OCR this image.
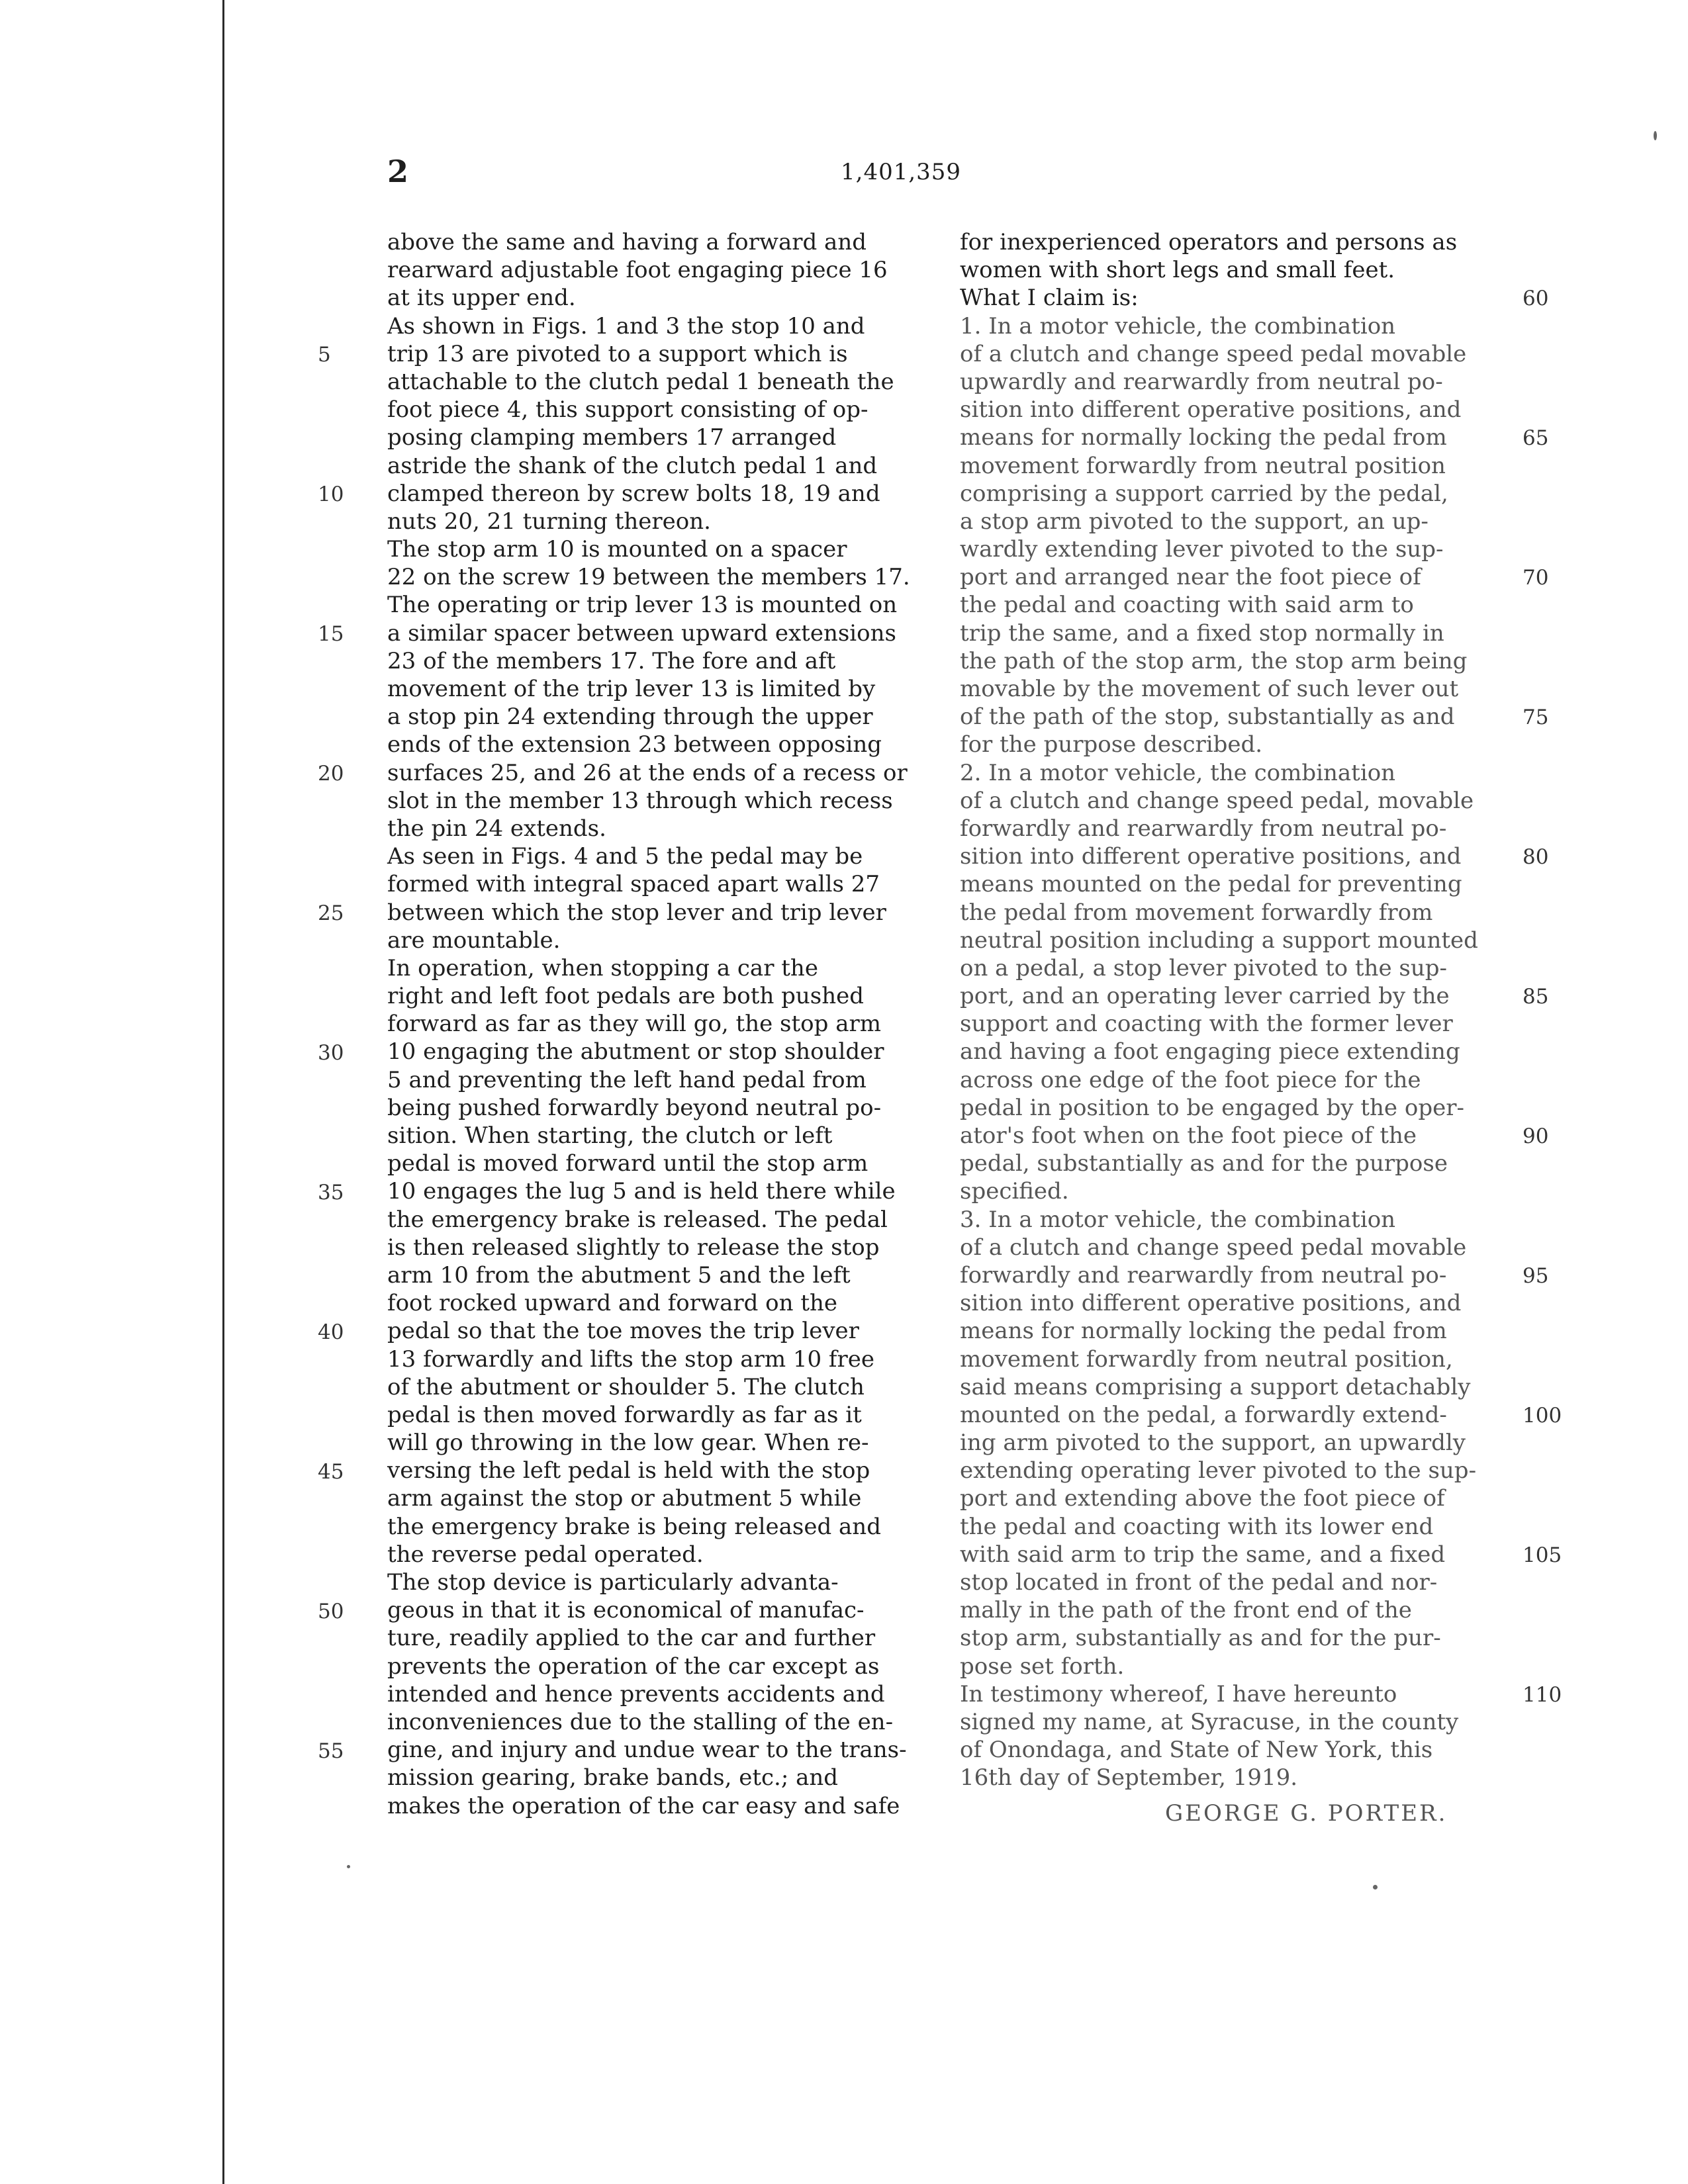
2	1,401,359
above the same and having a forward and
rearward adjustable foot engaging piece 16
at its upper end.
As shown in Figs. 1 and 3 the stop 10 and
trip 13 are pivoted to a support which is
attachable to the clutch pedal 1 beneath the
foot piece 4, this support consisting of op-
posing clamping members 17 arranged
astride the shank of the clutch pedal 1 and
clamped thereon by screw bolts 18, 19 and
nuts 20, 21 turning thereon.
The stop arm 10 is mounted on a spacer
22 on the screw 19 between the members 17.
The operating or trip lever 13 is mounted on
a similar spacer between upward extensions
23 of the members 17. The fore and aft
movement of the trip lever 13 is limited by
a stop pin 24 extending through the upper
ends of the extension 23 between opposing
surfaces 25, and 26 at the ends of a recess or
slot in the member 13 through which recess
the pin 24 extends.
As seen in Figs. 4 and 5 the pedal may be
formed with integral spaced apart walls 27
between which the stop lever and trip lever
are mountable.
In operation, when stopping a car the
right and left foot pedals are both pushed
forward as far as they will go, the stop arm
10 engaging the abutment or stop shoulder
5 and preventing the left hand pedal from
being pushed forwardly beyond neutral po-
sition. When starting, the clutch or left
pedal is moved forward until the stop arm
10 engages the lug 5 and is held there while
the emergency brake is released. The pedal
is then released slightly to release the stop
arm 10 from the abutment 5 and the left
foot rocked upward and forward on the
pedal so that the toe moves the trip lever
13 forwardly and lifts the stop arm 10 free
of the abutment or shoulder 5. The clutch
pedal is then moved forwardly as far as it
will go throwing in the low gear. When re-
versing the left pedal is held with the stop
arm against the stop or abutment 5 while
the emergency brake is being released and
the reverse pedal operated.
The stop device is particularly advanta-
geous in that it is economical of manufac-
ture, readily applied to the car and further
prevents the operation of the car except as
intended and hence prevents accidents and
inconveniences due to the stalling of the en-
gine, and injury and undue wear to the trans-
mission gearing, brake bands, etc.; and
makes the operation of the car easy and safe
for inexperienced operators and persons as
women with short legs and small feet.
What I claim is:
1. In a motor vehicle, the combination
of a clutch and change speed pedal movable
upwardly and rearwardly from neutral po-
sition into different operative positions, and
means for normally locking the pedal from
movement forwardly from neutral position
comprising a support carried by the pedal,
a stop arm pivoted to the support, an up-
wardly extending lever pivoted to the sup-
port and arranged near the foot piece of
the pedal and coacting with said arm to
trip the same, and a fixed stop normally in
the path of the stop arm, the stop arm being
movable by the movement of such lever out
of the path of the stop, substantially as and
for the purpose described.
2. In a motor vehicle, the combination
of a clutch and change speed pedal, movable
forwardly and rearwardly from neutral po-
sition into different operative positions, and
means mounted on the pedal for preventing
the pedal from movement forwardly from
neutral position including a support mounted
on a pedal, a stop lever pivoted to the sup-
port, and an operating lever carried by the
support and coacting with the former lever
and having a foot engaging piece extending
across one edge of the foot piece for the
pedal in position to be engaged by the oper-
ator's foot when on the foot piece of the
pedal, substantially as and for the purpose
specified.
3. In a motor vehicle, the combination
of a clutch and change speed pedal movable
forwardly and rearwardly from neutral po-
sition into different operative positions, and
means for normally locking the pedal from
movement forwardly from neutral position,
said means comprising a support detachably
mounted on the pedal, a forwardly extend-
ing arm pivoted to the support, an upwardly
extending operating lever pivoted to the sup-
port and extending above the foot piece of
the pedal and coacting with its lower end
with said arm to trip the same, and a fixed
stop located in front of the pedal and nor-
mally in the path of the front end of the
stop arm, substantially as and for the pur-
pose set forth.
In testimony whereof, I have hereunto
signed my name, at Syracuse, in the county
of Onondaga, and State of New York, this
16th day of September, 1919.
GEORGE G. PORTER.
5
10
15
20
25
30
35
40
45
50
55
60
65
70
75
80
85
90
95
100
105
110
